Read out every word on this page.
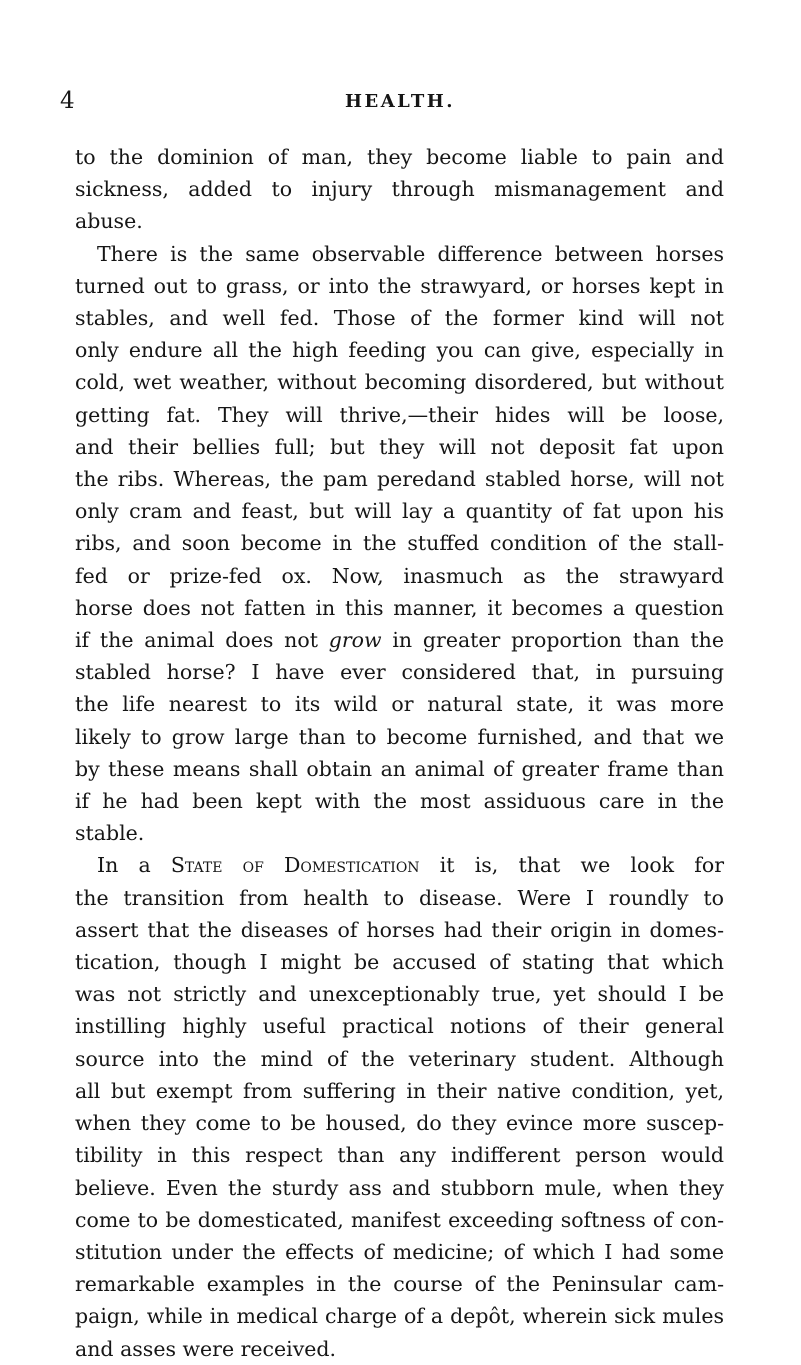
4	HEALTH.

to the dominion of man, they become liable to pain and
sickness, added to injury through mismanagement and
abuse.

There is the same observable difference between horses
turned out to grass, or into the strawyard, or horses kept in
stables, and well fed. Those of the former kind will not
only endure all the high feeding you can give, especially in
cold, wet weather, without becoming disordered, but without
getting fat. They will thrive,—their hides will be loose,
and their bellies full; but they will not deposit fat upon
the ribs. Whereas, the pam peredand stabled horse, will not
only cram and feast, but will lay a quantity of fat upon his
ribs, and soon become in the stuffed condition of the stall-
fed or prize-fed ox. Now, inasmuch as the strawyard
horse does not fatten in this manner, it becomes a question
if the animal does not grow in greater proportion than the
stabled horse? I have ever considered that, in pursuing
the life nearest to its wild or natural state, it was more
likely to grow large than to become furnished, and that we
by these means shall obtain an animal of greater frame than
if he had been kept with the most assiduous care in the
stable.

In a State of Domestication it is, that we look for
the transition from health to disease. Were I roundly to
assert that the diseases of horses had their origin in domes-
tication, though I might be accused of stating that which
was not strictly and unexceptionably true, yet should I be
instilling highly useful practical notions of their general
source into the mind of the veterinary student. Although
all but exempt from suffering in their native condition, yet,
when they come to be housed, do they evince more suscep-
tibility in this respect than any indifferent person would
believe. Even the sturdy ass and stubborn mule, when they
come to be domesticated, manifest exceeding softness of con-
stitution under the effects of medicine; of which I had some
remarkable examples in the course of the Peninsular cam-
paign, while in medical charge of a depôt, wherein sick mules
and asses were received.
